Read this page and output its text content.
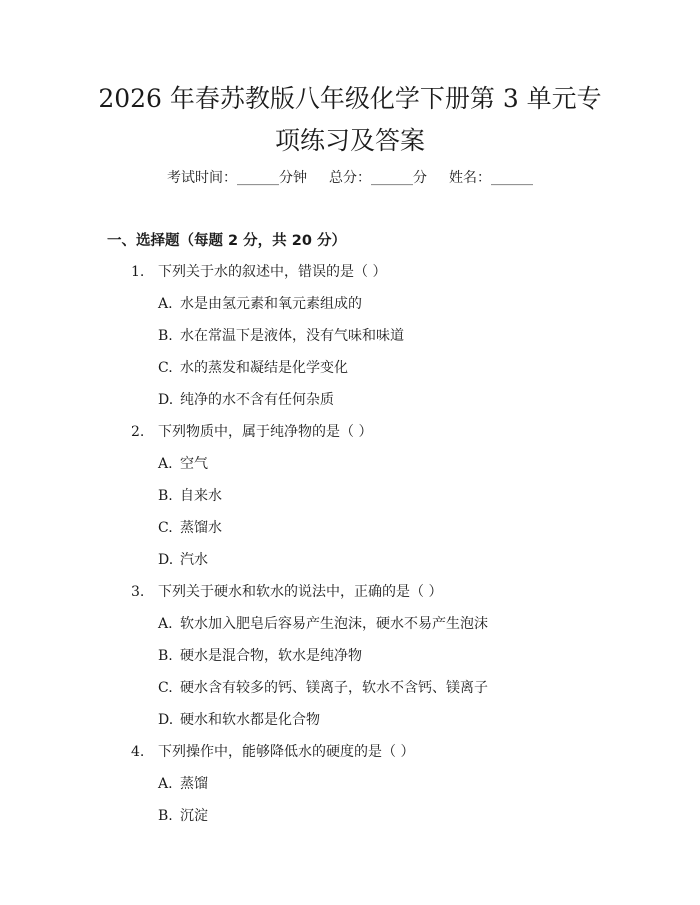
2026 年春苏教版八年级化学下册第 3 单元专
项练习及答案
考试时间：______分钟 总分：______分 姓名：______
一、选择题（每题 2 分，共 20 分）
1. 下列关于水的叙述中，错误的是（ ）
A. 水是由氢元素和氧元素组成的
B. 水在常温下是液体，没有气味和味道
C. 水的蒸发和凝结是化学变化
D. 纯净的水不含有任何杂质
2. 下列物质中，属于纯净物的是（ ）
A. 空气
B. 自来水
C. 蒸馏水
D. 汽水
3. 下列关于硬水和软水的说法中，正确的是（ ）
A. 软水加入肥皂后容易产生泡沫，硬水不易产生泡沫
B. 硬水是混合物，软水是纯净物
C. 硬水含有较多的钙、镁离子，软水不含钙、镁离子
D. 硬水和软水都是化合物
4. 下列操作中，能够降低水的硬度的是（ ）
A. 蒸馏
B. 沉淀
